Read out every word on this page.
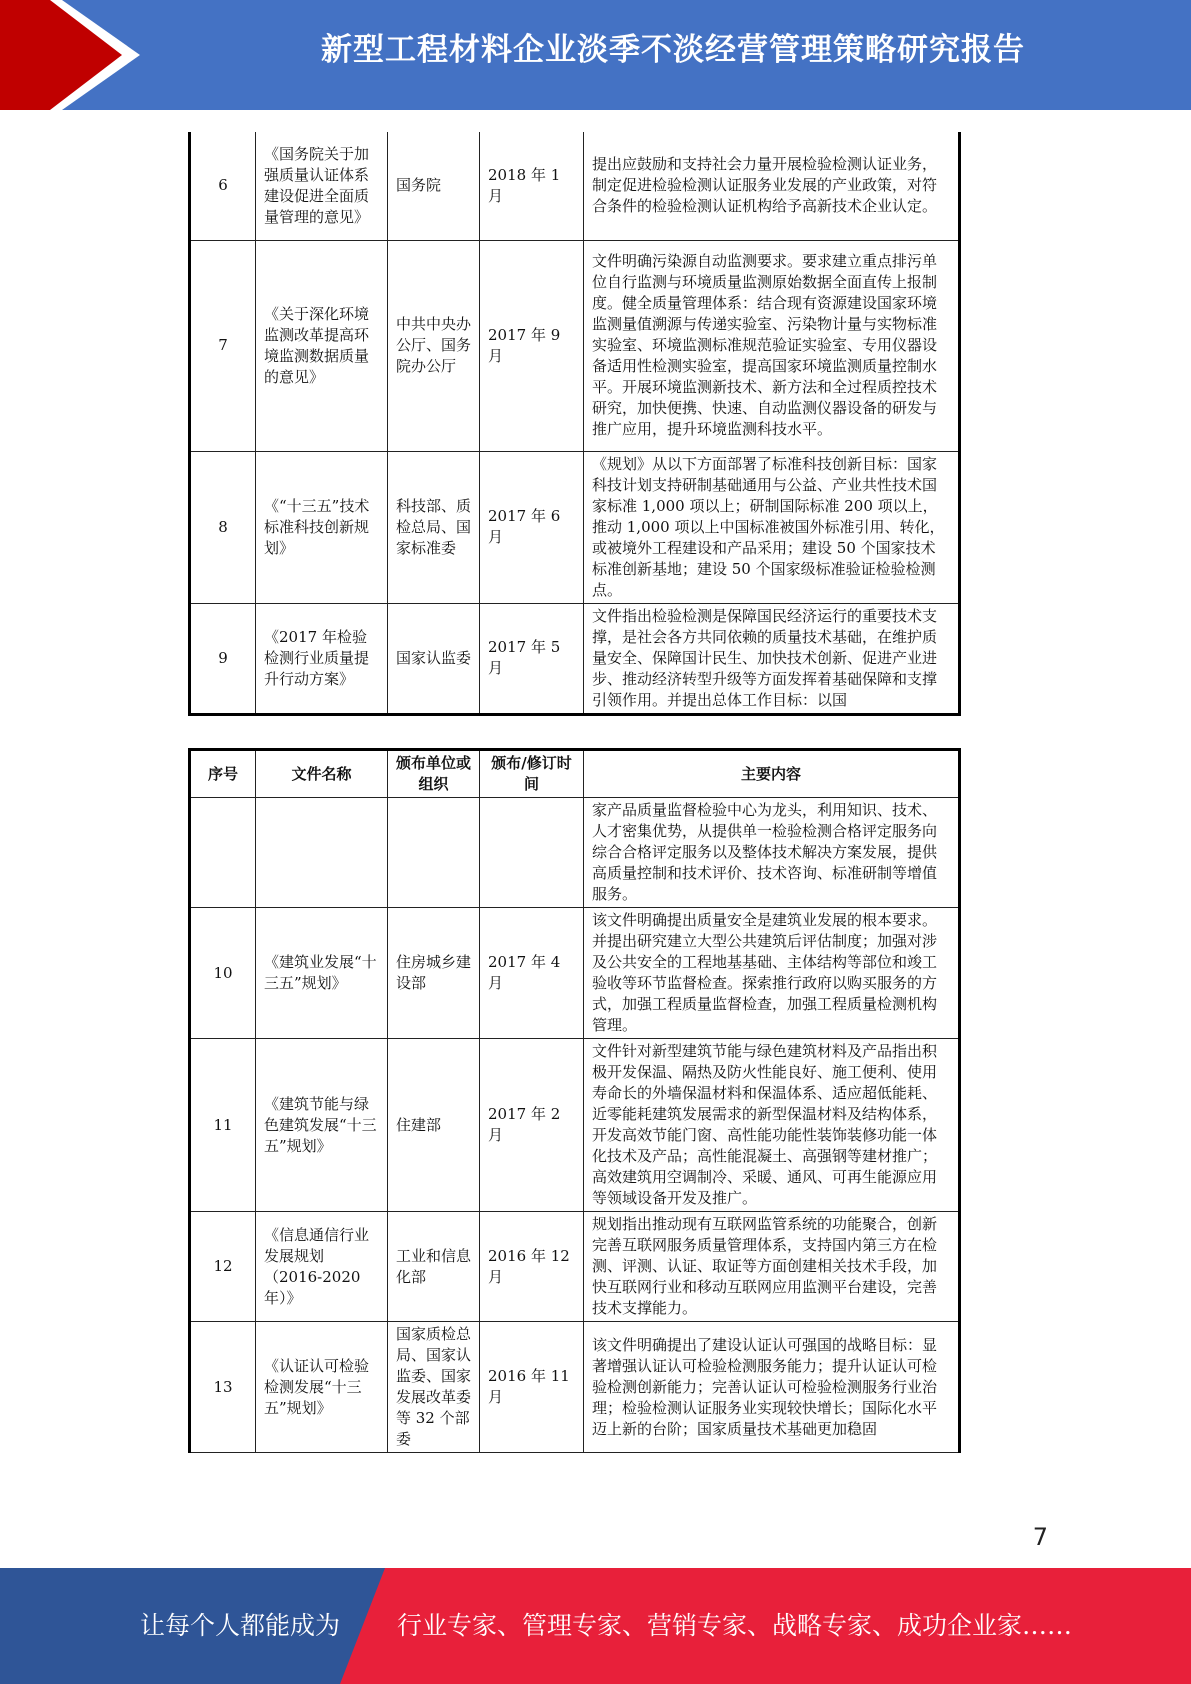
新型工程材料企业淡季不淡经营管理策略研究报告
6	《国务院关于加强质量认证体系建设促进全面质量管理的意见》	国务院	2018 年 1 月	提出应鼓励和支持社会力量开展检验检测认证业务，制定促进检验检测认证服务业发展的产业政策，对符合条件的检验检测认证机构给予高新技术企业认定。
7	《关于深化环境监测改革提高环境监测数据质量的意见》	中共中央办公厅、国务院办公厅	2017 年 9 月	文件明确污染源自动监测要求。要求建立重点排污单位自行监测与环境质量监测原始数据全面直传上报制度。健全质量管理体系：结合现有资源建设国家环境监测量值溯源与传递实验室、污染物计量与实物标准实验室、环境监测标准规范验证实验室、专用仪器设备适用性检测实验室，提高国家环境监测质量控制水平。开展环境监测新技术、新方法和全过程质控技术研究，加快便携、快速、自动监测仪器设备的研发与推广应用，提升环境监测科技水平。
8	《“十三五”技术标准科技创新规划》	科技部、质检总局、国家标准委	2017 年 6 月	《规划》从以下方面部署了标准科技创新目标：国家科技计划支持研制基础通用与公益、产业共性技术国家标准 1,000 项以上；研制国际标准 200 项以上，推动 1,000 项以上中国标准被国外标准引用、转化，或被境外工程建设和产品采用；建设 50 个国家技术标准创新基地；建设 50 个国家级标准验证检验检测点。
9	《2017 年检验检测行业质量提升行动方案》	国家认监委	2017 年 5 月	文件指出检验检测是保障国民经济运行的重要技术支撑，是社会各方共同依赖的质量技术基础，在维护质量安全、保障国计民生、加快技术创新、促进产业进步、推动经济转型升级等方面发挥着基础保障和支撑引领作用。并提出总体工作目标：以国
序号	文件名称	颁布单位或组织	颁布/修订时间	主要内容
				家产品质量监督检验中心为龙头，利用知识、技术、人才密集优势，从提供单一检验检测合格评定服务向综合合格评定服务以及整体技术解决方案发展，提供高质量控制和技术评价、技术咨询、标准研制等增值服务。
10	《建筑业发展“十三五”规划》	住房城乡建设部	2017 年 4 月	该文件明确提出质量安全是建筑业发展的根本要求。并提出研究建立大型公共建筑后评估制度；加强对涉及公共安全的工程地基基础、主体结构等部位和竣工验收等环节监督检查。探索推行政府以购买服务的方式，加强工程质量监督检查，加强工程质量检测机构管理。
11	《建筑节能与绿色建筑发展“十三五”规划》	住建部	2017 年 2 月	文件针对新型建筑节能与绿色建筑材料及产品指出积极开发保温、隔热及防火性能良好、施工便利、使用寿命长的外墙保温材料和保温体系、适应超低能耗、近零能耗建筑发展需求的新型保温材料及结构体系，开发高效节能门窗、高性能功能性装饰装修功能一体化技术及产品；高性能混凝土、高强钢等建材推广；高效建筑用空调制冷、采暖、通风、可再生能源应用等领域设备开发及推广。
12	《信息通信行业发展规划（2016-2020 年）》	工业和信息化部	2016 年 12 月	规划指出推动现有互联网监管系统的功能聚合，创新完善互联网服务质量管理体系，支持国内第三方在检测、评测、认证、取证等方面创建相关技术手段，加快互联网行业和移动互联网应用监测平台建设，完善技术支撑能力。
13	《认证认可检验检测发展“十三五”规划》	国家质检总局、国家认监委、国家发展改革委等 32 个部委	2016 年 11 月	该文件明确提出了建设认证认可强国的战略目标：显著增强认证认可检验检测服务能力；提升认证认可检验检测创新能力；完善认证认可检验检测服务行业治理；检验检测认证服务业实现较快增长；国际化水平迈上新的台阶；国家质量技术基础更加稳固
7
让每个人都能成为 行业专家、管理专家、营销专家、战略专家、成功企业家……
